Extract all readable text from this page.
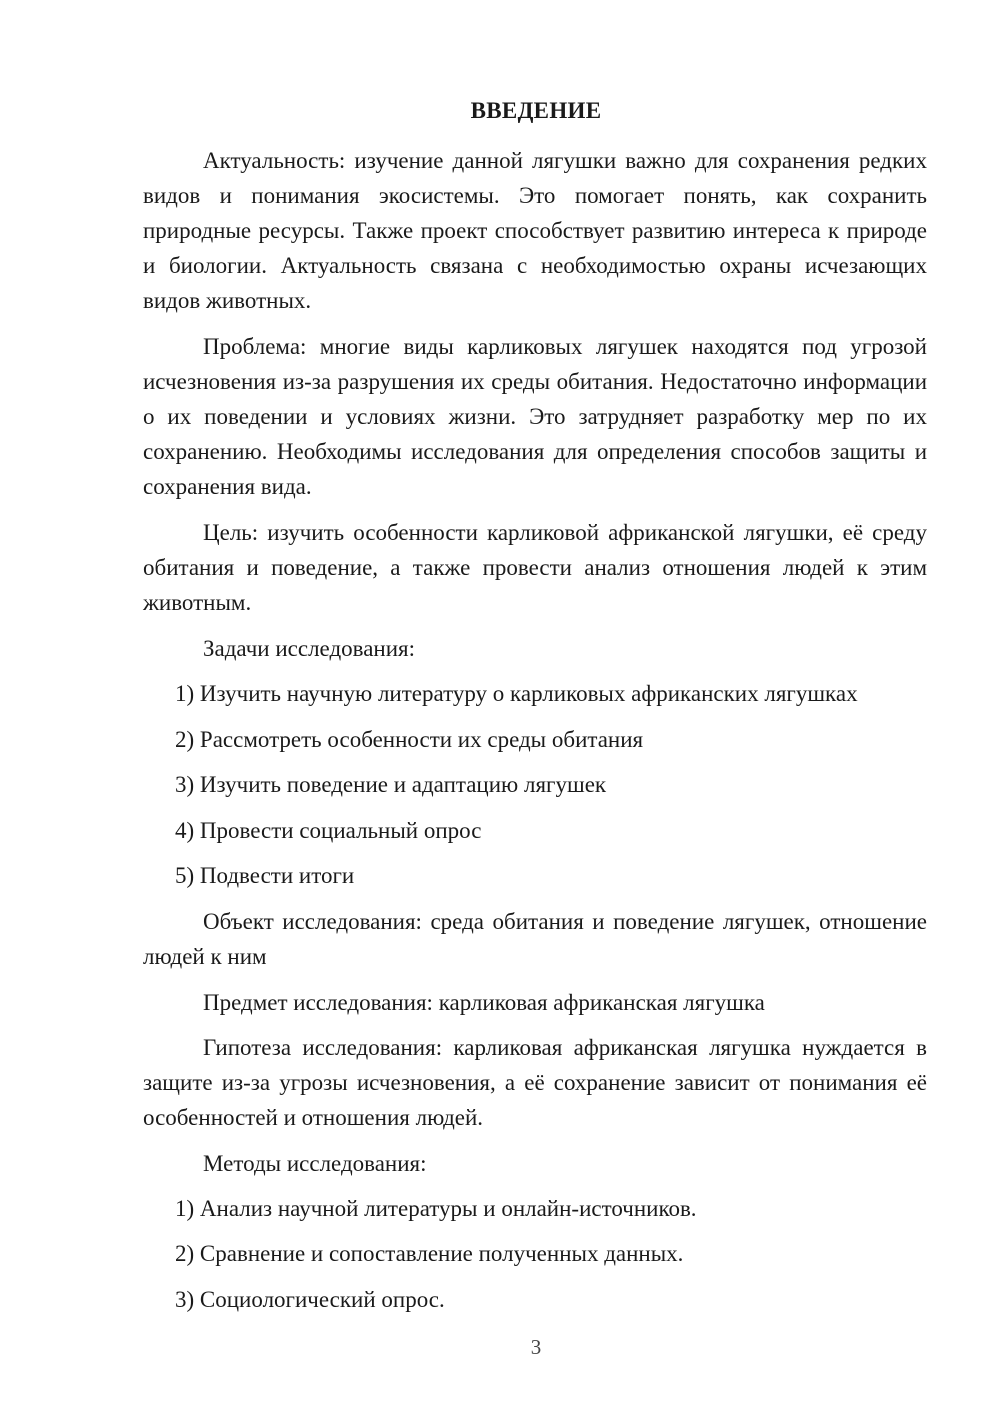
ВВЕДЕНИЕ

Актуальность: изучение данной лягушки важно для сохранения редких видов и понимания экосистемы. Это помогает понять, как сохранить природные ресурсы. Также проект способствует развитию интереса к природе и биологии. Актуальность связана с необходимостью охраны исчезающих видов животных.

Проблема: многие виды карликовых лягушек находятся под угрозой исчезновения из-за разрушения их среды обитания. Недостаточно информации о их поведении и условиях жизни. Это затрудняет разработку мер по их сохранению. Необходимы исследования для определения способов защиты и сохранения вида.

Цель: изучить особенности карликовой африканской лягушки, её среду обитания и поведение, а также провести анализ отношения людей к этим животным.

Задачи исследования:

1) Изучить научную литературу о карликовых африканских лягушках

2) Рассмотреть особенности их среды обитания

3) Изучить поведение и адаптацию лягушек

4) Провести социальный опрос

5) Подвести итоги

Объект исследования: среда обитания и поведение лягушек, отношение людей к ним

Предмет исследования: карликовая африканская лягушка

Гипотеза исследования: карликовая африканская лягушка нуждается в защите из-за угрозы исчезновения, а её сохранение зависит от понимания её особенностей и отношения людей.

Методы исследования:

1) Анализ научной литературы и онлайн-источников.

2) Сравнение и сопоставление полученных данных.

3) Социологический опрос.

3
